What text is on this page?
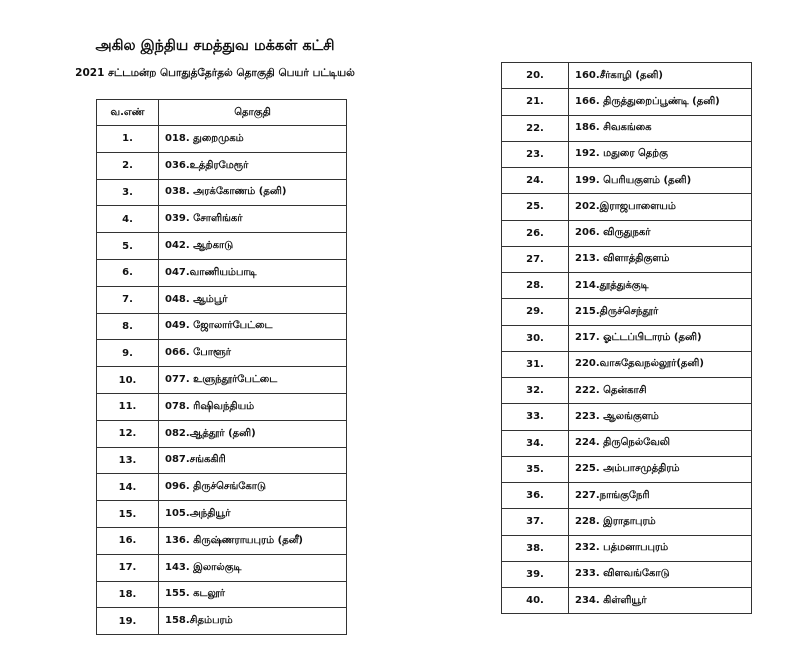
அகில இந்திய சமத்துவ மக்கள் கட்சி
2021 சட்டமன்ற பொதுத்தேர்தல் தொகுதி பெயர் பட்டியல்
வ.எண்	தொகுதி
1.	018. துறைமுகம்
2.	036.உத்திரமேரூர்
3.	038. அரக்கோணம் (தனி)
4.	039. சோளிங்கர்
5.	042. ஆற்காடு
6.	047.வாணியம்பாடி
7.	048. ஆம்பூர்
8.	049. ஜோலார்பேட்டை
9.	066. போளூர்
10.	077. உளுந்தூர்பேட்டை
11.	078. ரிஷிவந்தியம்
12.	082.ஆத்தூர் (தனி)
13.	087.சங்ககிரி
14.	096. திருச்செங்கோடு
15.	105.அந்தியூர்
16.	136. கிருஷ்ணராயபுரம் (தனீ)
17.	143. இலால்குடி
18.	155. கடலூர்
19.	158.சிதம்பரம்
20.	160.சீர்காழி (தனி)
21.	166. திருத்துறைப்பூண்டி (தனி)
22.	186. சிவகங்கை
23.	192. மதுரை தெற்கு
24.	199. பெரியகுளம் (தனி)
25.	202.இராஜபாளையம்
26.	206. விருதுநகர்
27.	213. விளாத்திகுளம்
28.	214.தூத்துக்குடி
29.	215.திருச்செந்தூர்
30.	217. ஓட்டப்பிடாரம் (தனி)
31.	220.வாசுதேவநல்லூர்(தனி)
32.	222. தென்காசி
33.	223. ஆலங்குளம்
34.	224. திருநெல்வேலி
35.	225. அம்பாசமுத்திரம்
36.	227.நாங்குநேரி
37.	228. இராதாபுரம்
38.	232. பத்மனாபபுரம்
39.	233. விளவங்கோடு
40.	234. கிள்ளியூர்
